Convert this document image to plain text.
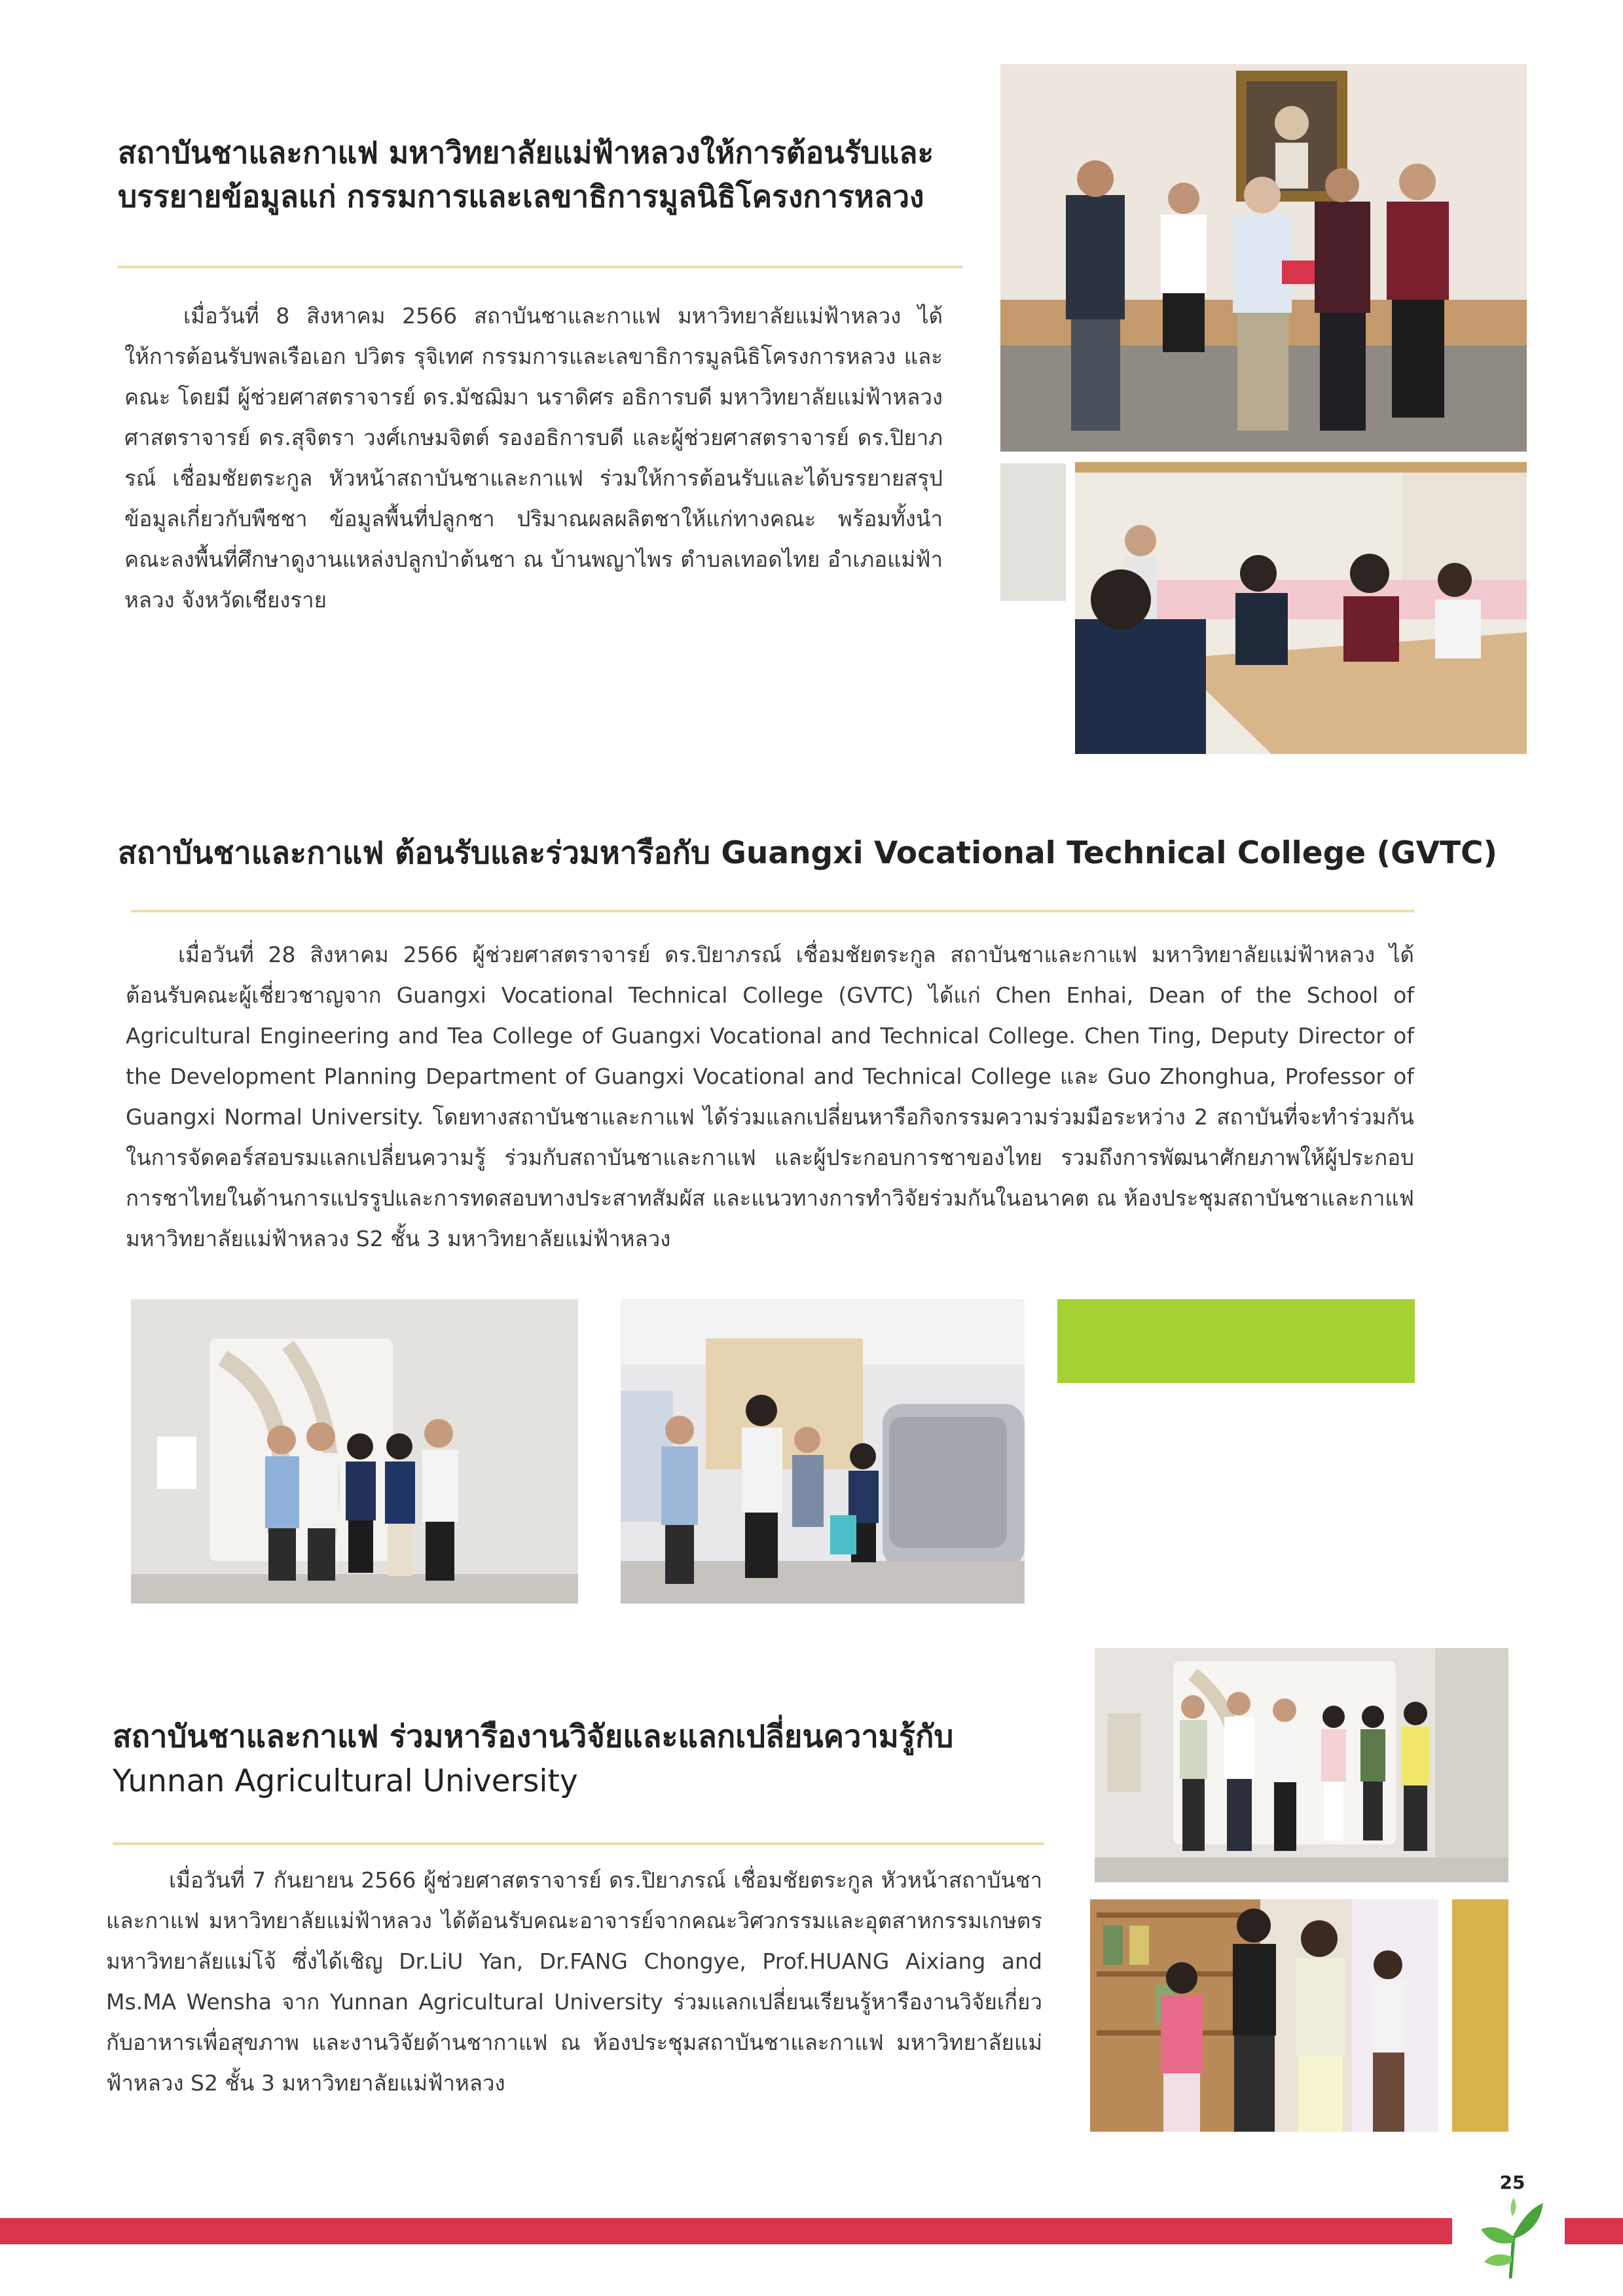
สถาบันชาและกาแฟ มหาวิทยาลัยแม่ฟ้าหลวงให้การต้อนรับและ
บรรยายข้อมูลแก่ กรรมการและเลขาธิการมูลนิธิโครงการหลวง
เมื่อวันที่ 8 สิงหาคม 2566 สถาบันชาและกาแฟ มหาวิทยาลัยแม่ฟ้าหลวง ได้ให้การต้อนรับพลเรือเอก ปวิตร รุจิเทศ กรรมการและเลขาธิการมูลนิธิโครงการหลวง และคณะ โดยมี ผู้ช่วยศาสตราจารย์ ดร.มัชฌิมา นราดิศร อธิการบดี มหาวิทยาลัยแม่ฟ้าหลวง ศาสตราจารย์ ดร.สุจิตรา วงศ์เกษมจิตต์ รองอธิการบดี และผู้ช่วยศาสตราจารย์ ดร.ปิยาภรณ์ เชื่อมชัยตระกูล หัวหน้าสถาบันชาและกาแฟ ร่วมให้การต้อนรับและได้บรรยายสรุปข้อมูลเกี่ยวกับพืชชา ข้อมูลพื้นที่ปลูกชา ปริมาณผลผลิตชาให้แก่ทางคณะ พร้อมทั้งนำคณะลงพื้นที่ศึกษาดูงานแหล่งปลูกป่าต้นชา ณ บ้านพญาไพร ตำบลเทอดไทย อำเภอแม่ฟ้าหลวง จังหวัดเชียงราย
สถาบันชาและกาแฟ ต้อนรับและร่วมหารือกับ Guangxi Vocational Technical College (GVTC)
เมื่อวันที่ 28 สิงหาคม 2566 ผู้ช่วยศาสตราจารย์ ดร.ปิยาภรณ์ เชื่อมชัยตระกูล สถาบันชาและกาแฟ มหาวิทยาลัยแม่ฟ้าหลวง ได้ต้อนรับคณะผู้เชี่ยวชาญจาก Guangxi Vocational Technical College (GVTC) ได้แก่ Chen Enhai, Dean of the School of Agricultural Engineering and Tea College of Guangxi Vocational and Technical College. Chen Ting, Deputy Director of the Development Planning Department of Guangxi Vocational and Technical College และ Guo Zhonghua, Professor of Guangxi Normal University. โดยทางสถาบันชาและกาแฟ ได้ร่วมแลกเปลี่ยนหารือกิจกรรมความร่วมมือระหว่าง 2 สถาบันที่จะทำร่วมกันในการจัดคอร์สอบรมแลกเปลี่ยนความรู้ ร่วมกับสถาบันชาและกาแฟ และผู้ประกอบการชาของไทย รวมถึงการพัฒนาศักยภาพให้ผู้ประกอบการชาไทยในด้านการแปรรูปและการทดสอบทางประสาทสัมผัส และแนวทางการทำวิจัยร่วมกันในอนาคต ณ ห้องประชุมสถาบันชาและกาแฟ มหาวิทยาลัยแม่ฟ้าหลวง S2 ชั้น 3 มหาวิทยาลัยแม่ฟ้าหลวง
สถาบันชาและกาแฟ ร่วมหารืองานวิจัยและแลกเปลี่ยนความรู้กับ
Yunnan Agricultural University
เมื่อวันที่ 7 กันยายน 2566 ผู้ช่วยศาสตราจารย์ ดร.ปิยาภรณ์ เชื่อมชัยตระกูล หัวหน้าสถาบันชาและกาแฟ มหาวิทยาลัยแม่ฟ้าหลวง ได้ต้อนรับคณะอาจารย์จากคณะวิศวกรรมและอุตสาหกรรมเกษตร มหาวิทยาลัยแม่โจ้ ซึ่งได้เชิญ Dr.LiU Yan, Dr.FANG Chongye, Prof.HUANG Aixiang and Ms.MA Wensha จาก Yunnan Agricultural University ร่วมแลกเปลี่ยนเรียนรู้หารืองานวิจัยเกี่ยวกับอาหารเพื่อสุขภาพ และงานวิจัยด้านชากาแฟ ณ ห้องประชุมสถาบันชาและกาแฟ มหาวิทยาลัยแม่ฟ้าหลวง S2 ชั้น 3 มหาวิทยาลัยแม่ฟ้าหลวง
25
